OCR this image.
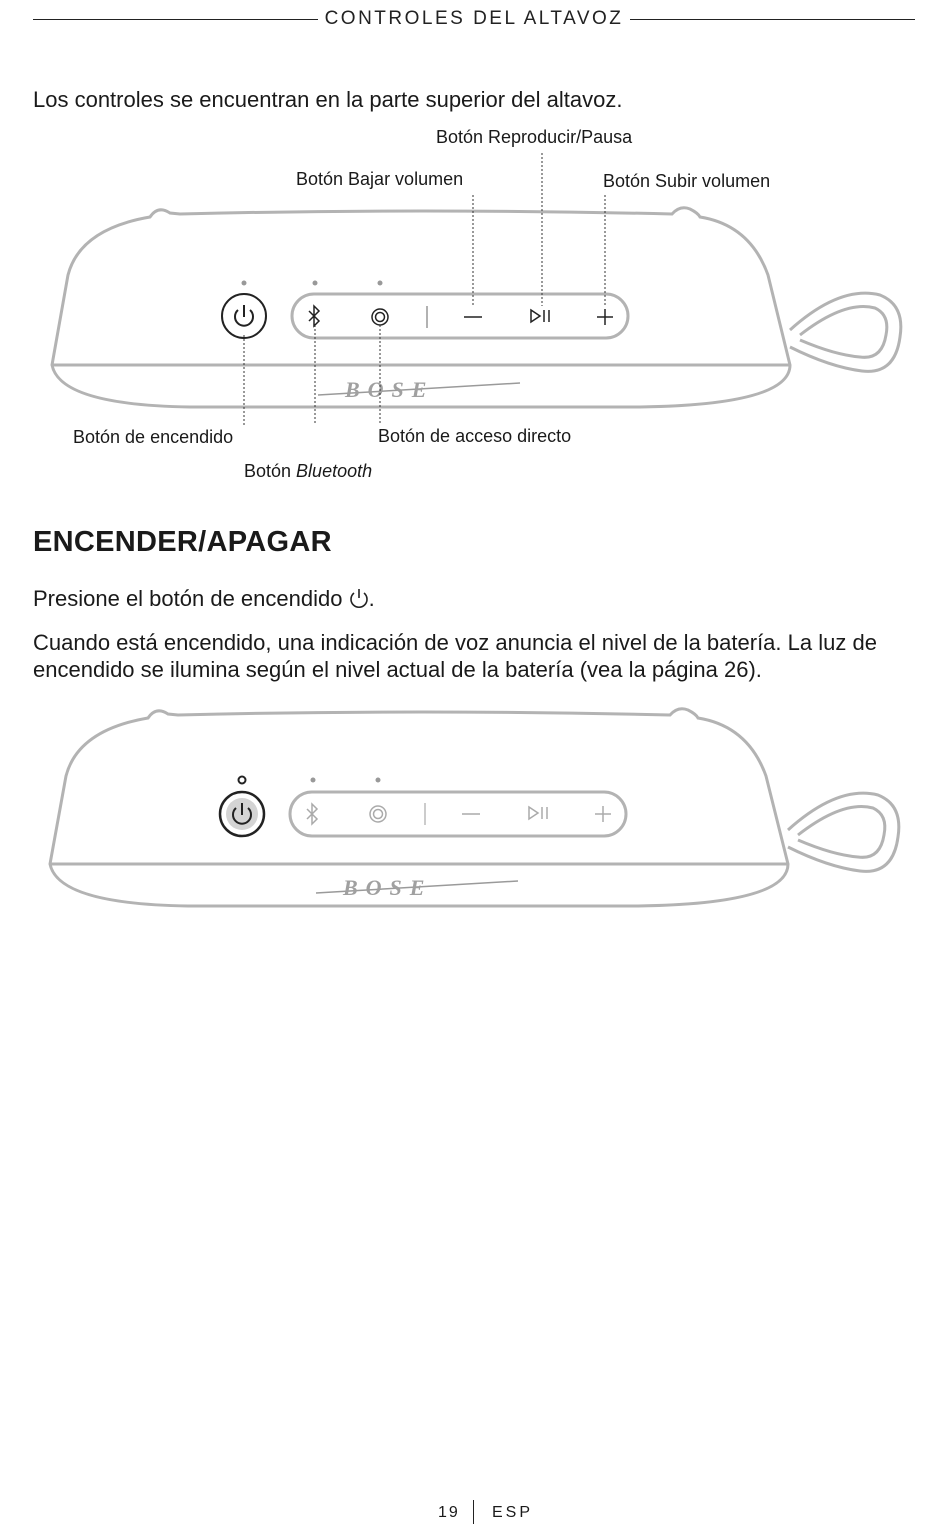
CONTROLES DEL ALTAVOZ
Los controles se encuentran en la parte superior del altavoz.
BOSE
Botón Reproducir/Pausa
Botón Bajar volumen	Botón Subir volumen
Botón de encendido	Botón de acceso directo
Botón Bluetooth
ENCENDER/APAGAR
Presione el botón de encendido .
Cuando está encendido, una indicación de voz anuncia el nivel de la batería. La luz de encendido se ilumina según el nivel actual de la batería (vea la página 26).
BOSE
19 ESP
